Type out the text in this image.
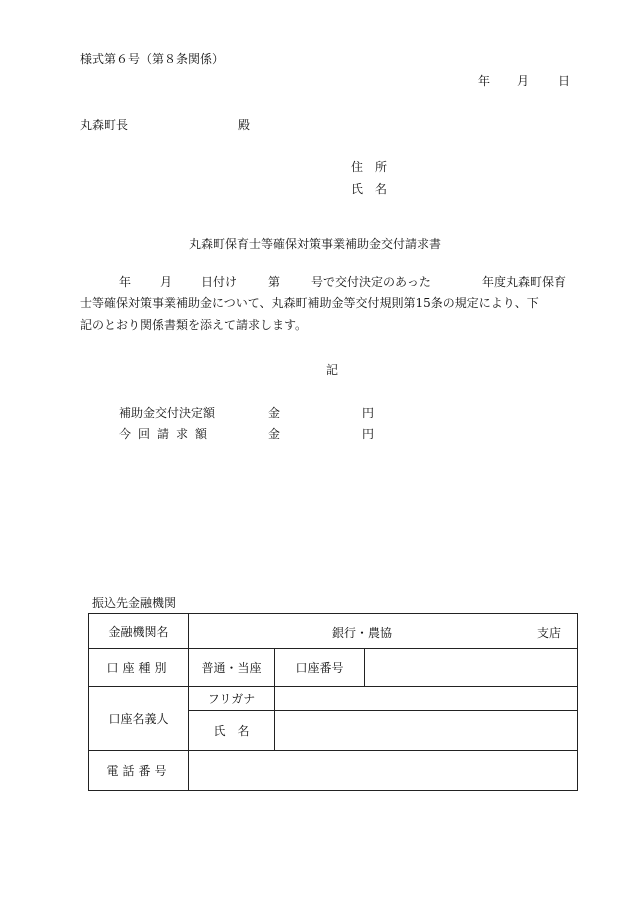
様式第６号（第８条関係）
年 月 日
丸森町長	殿
住　所
氏　名
丸森町保育士等確保対策事業補助金交付請求書
年 月 日付け	第	号で交付決定のあった	年度丸森町保育
士等確保対策事業補助金について、丸森町補助金等交付規則第15条の規定により、下
記のとおり関係書類を添えて請求します。
記
補助金交付決定額	金	円
今回請求額	金	円
振込先金融機関
金融機関名	銀行・農協 支店		

口座種別	普通・当座	口座番号	
口座名義人	フリガナ		
	氏　名		
電話番号			
